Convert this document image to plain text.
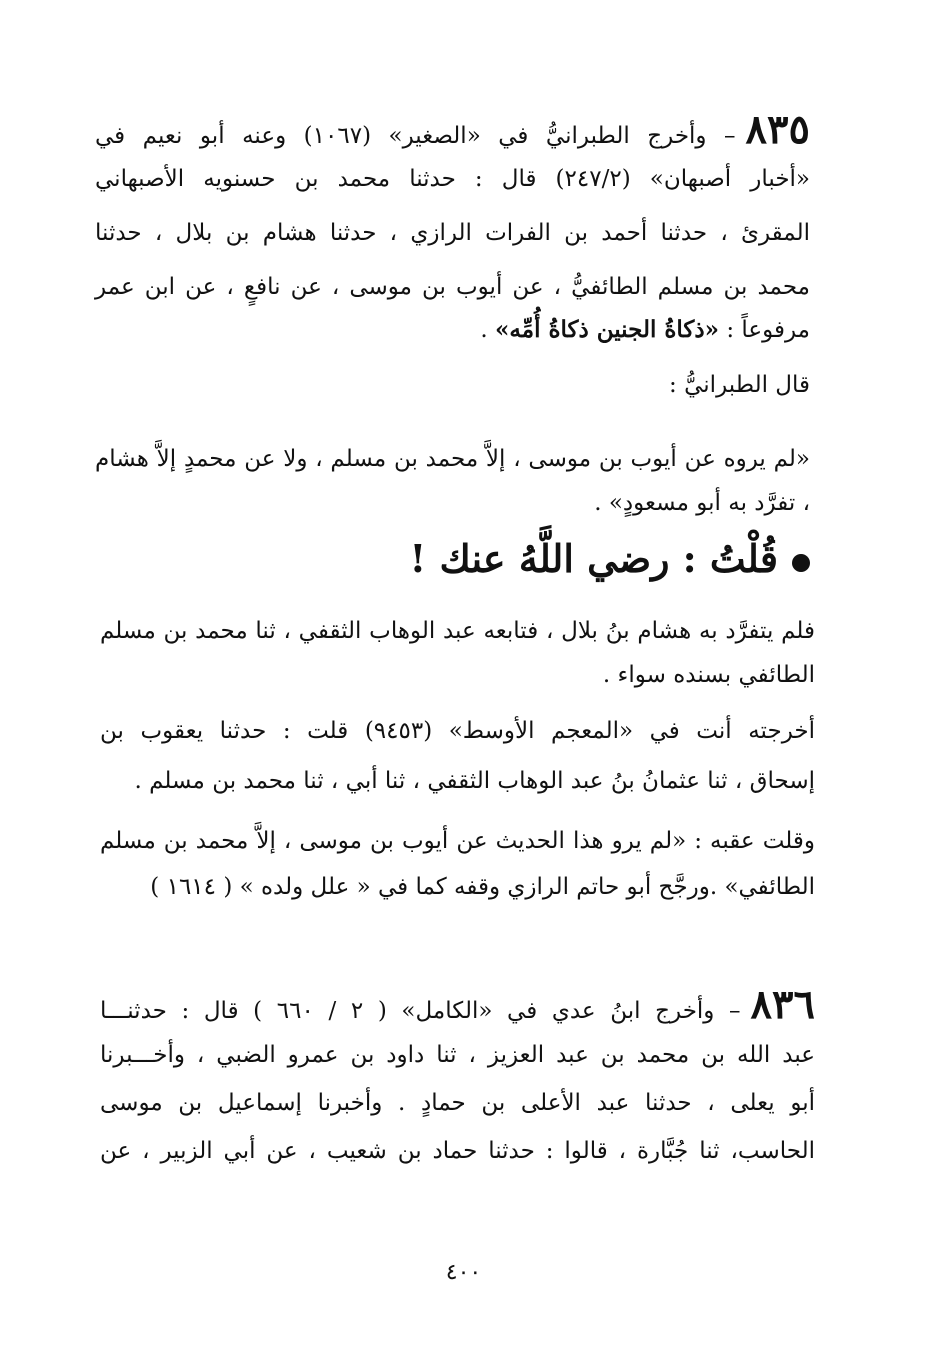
٨٣٥– وأخرج الطبرانيُّ في «الصغير» (١٠٦٧) وعنه أبو نعيم في
«أخبار أصبهان» (٢٤٧/٢) قال : حدثنا محمد بن حسنويه الأصبهاني
المقرئ ، حدثنا أحمد بن الفرات الرازي ، حدثنا هشام بن بلال ، حدثنا
محمد بن مسلم الطائفيُّ ، عن أيوب بن موسى ، عن نافعٍ ، عن ابن عمر
مرفوعاً : «ذكاةُ الجنين ذكاةُ أُمِّه» .
قال الطبرانيُّ :
«لم يروه عن أيوب بن موسى ، إلاَّ محمد بن مسلم ، ولا عن محمدٍ إلاَّ هشام
، تفرَّد به أبو مسعودٍ» .
قُلْتُ : رضي اللَّهُ عنك !
فلم يتفرَّد به هشام بنُ بلال ، فتابعه عبد الوهاب الثقفي ، ثنا محمد بن مسلم
الطائفي بسنده سواء .
أخرجته أنت في «المعجم الأوسط» (٩٤٥٣) قلت : حدثنا يعقوب بن
إسحاق ، ثنا عثمانُ بنُ عبد الوهاب الثقفي ، ثنا أبي ، ثنا محمد بن مسلم .
وقلت عقبه : «لم يرو هذا الحديث عن أيوب بن موسى ، إلاَّ محمد بن مسلم
الطائفي» .ورجَّح أبو حاتم الرازي وقفه كما في « علل ولده » ( ١٦١٤ )
٨٣٦– وأخرج ابنُ عدي في «الكامل» ( ٢ / ٦٦٠ ) قال : حدثنـــا
عبد الله بن محمد بن عبد العزيز ، ثنا داود بن عمرو الضبي ، وأخـــبرنا
أبو يعلى ، حدثنا عبد الأعلى بن حمادٍ . وأخبرنا إسماعيل بن موسى
الحاسب، ثنا جُبَّارة ، قالوا : حدثنا حماد بن شعيب ، عن أبي الزبير ، عن
٤٠٠
